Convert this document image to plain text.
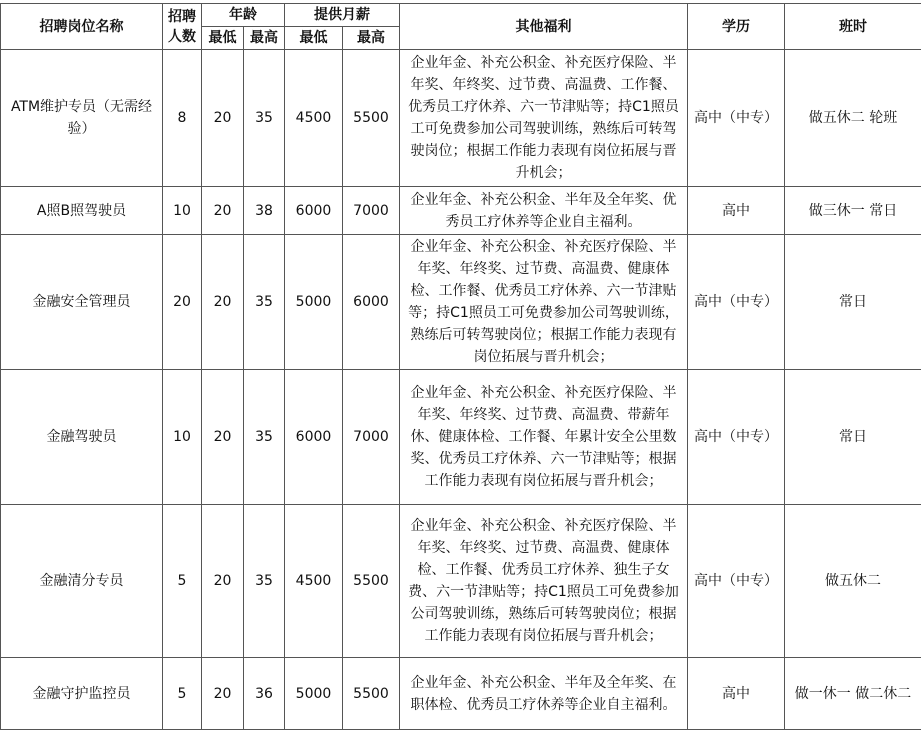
招聘岗位名称	招聘人数	年龄		提供月薪		其他福利	学历	班时
		最低	最高	最低	最高			
ATM维护专员（无需经验）	8	20	35	4500	5500	企业年金、补充公积金、补充医疗保险、半年奖、年终奖、过节费、高温费、工作餐、优秀员工疗休养、六一节津贴等；持C1照员工可免费参加公司驾驶训练，熟练后可转驾驶岗位；根据工作能力表现有岗位拓展与晋升机会；	高中（中专）	做五休二 轮班
A照B照驾驶员	10	20	38	6000	7000	企业年金、补充公积金、半年及全年奖、优秀员工疗休养等企业自主福利。	高中	做三休一 常日
金融安全管理员	20	20	35	5000	6000	企业年金、补充公积金、补充医疗保险、半年奖、年终奖、过节费、高温费、健康体检、工作餐、优秀员工疗休养、六一节津贴等；持C1照员工可免费参加公司驾驶训练，熟练后可转驾驶岗位；根据工作能力表现有岗位拓展与晋升机会；	高中（中专）	常日
金融驾驶员	10	20	35	6000	7000	企业年金、补充公积金、补充医疗保险、半年奖、年终奖、过节费、高温费、带薪年休、健康体检、工作餐、年累计安全公里数奖、优秀员工疗休养、六一节津贴等；根据工作能力表现有岗位拓展与晋升机会；	高中（中专）	常日
金融清分专员	5	20	35	4500	5500	企业年金、补充公积金、补充医疗保险、半年奖、年终奖、过节费、高温费、健康体检、工作餐、优秀员工疗休养、独生子女费、六一节津贴等；持C1照员工可免费参加公司驾驶训练，熟练后可转驾驶岗位；根据工作能力表现有岗位拓展与晋升机会；	高中（中专）	做五休二
金融守护监控员	5	20	36	5000	5500	企业年金、补充公积金、半年及全年奖、在职体检、优秀员工疗休养等企业自主福利。	高中	做一休一 做二休二
